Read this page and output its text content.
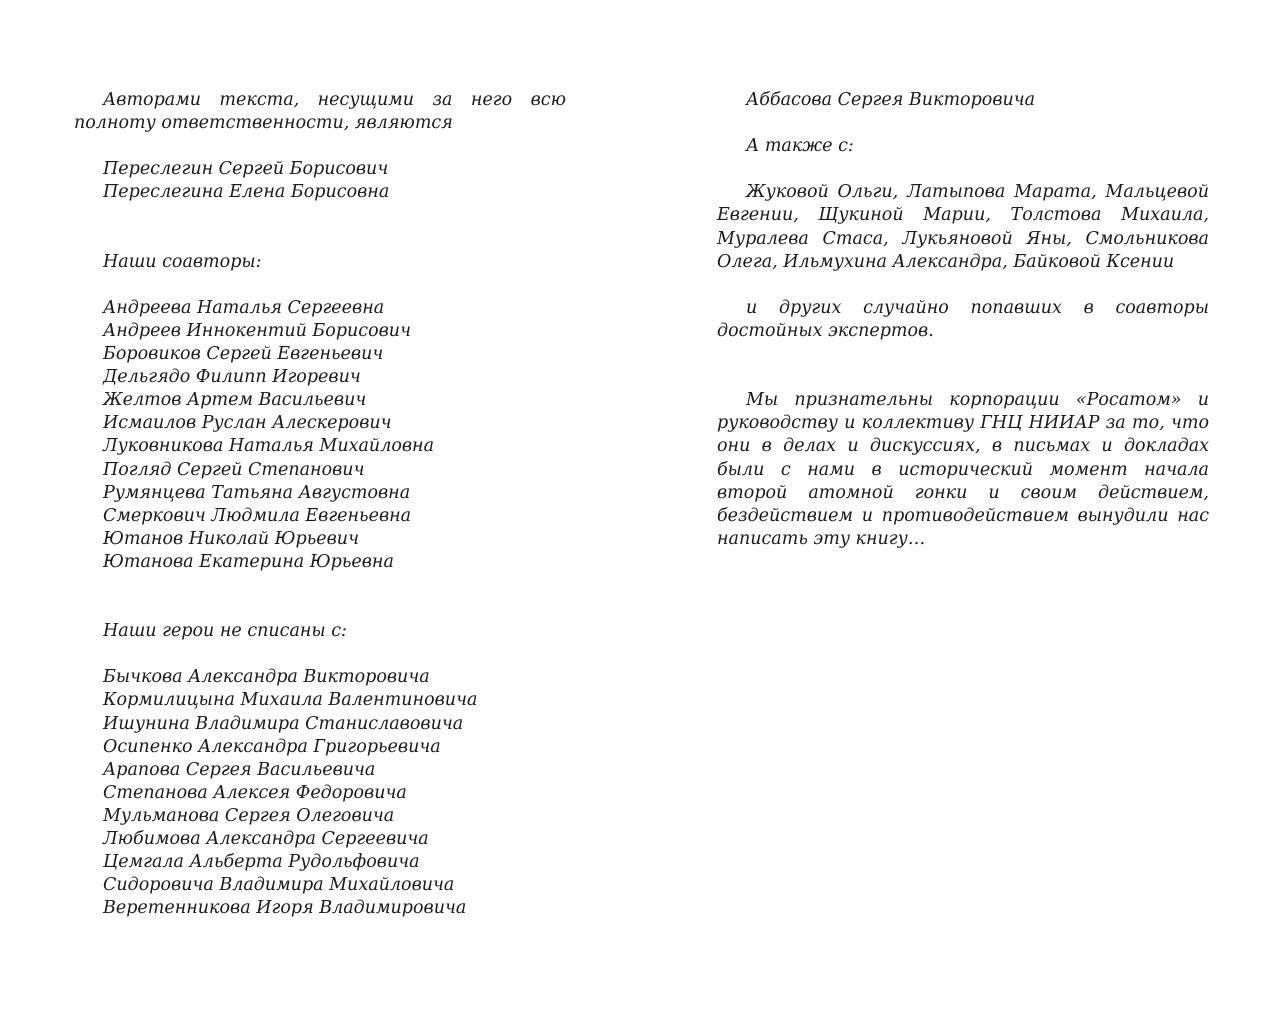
Авторами текста, несущими за него всю полноту ответственности, являются

Переслегин Сергей Борисович
Переслегина Елена Борисовна

Наши соавторы:

Андреева Наталья Сергеевна
Андреев Иннокентий Борисович
Боровиков Сергей Евгеньевич
Дельгядо Филипп Игоревич
Желтов Артем Васильевич
Исмаилов Руслан Алескерович
Луковникова Наталья Михайловна
Погляд Сергей Степанович
Румянцева Татьяна Августовна
Смеркович Людмила Евгеньевна
Ютанов Николай Юрьевич
Ютанова Екатерина Юрьевна

Наши герои не списаны с:

Бычкова Александра Викторовича
Кормилицына Михаила Валентиновича
Ишунина Владимира Станиславовича
Осипенко Александра Григорьевича
Арапова Сергея Васильевича
Степанова Алексея Федоровича
Мульманова Сергея Олеговича
Любимова Александра Сергеевича
Цемгала Альберта Рудольфовича
Сидоровича Владимира Михайловича
Веретенникова Игоря Владимировича
Аббасова Сергея Викторовича

А также с:

Жуковой Ольги, Латыпова Марата, Мальцевой Евгении, Щукиной Марии, Толстова Михаила, Муралева Стаса, Лукьяновой Яны, Смольникова Олега, Ильмухина Александра, Байковой Ксении

и других случайно попавших в соавторы достойных экспертов.

Мы признательны корпорации «Росатом» и руководству и коллективу ГНЦ НИИАР за то, что они в делах и дискуссиях, в письмах и докладах были с нами в исторический момент начала второй атомной гонки и своим действием, бездействием и противодействием вынудили нас написать эту книгу…
